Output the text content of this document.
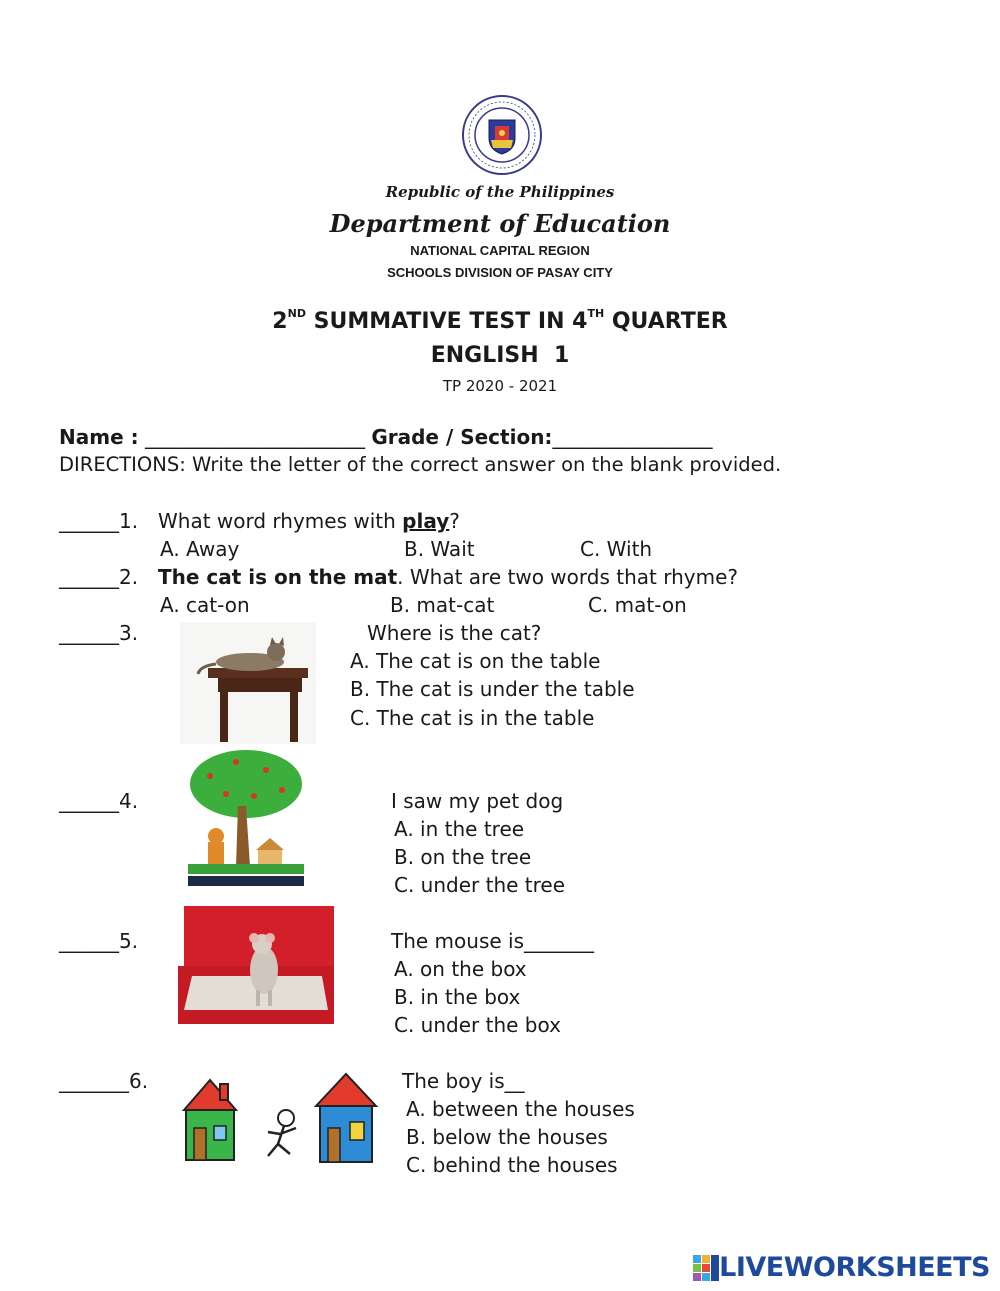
Republic of the Philippines
Department of Education
NATIONAL CAPITAL REGION
SCHOOLS DIVISION OF PASAY CITY
2ND SUMMATIVE TEST IN 4TH QUARTER
ENGLISH  1
TP 2020 - 2021
Name : ______________________ Grade / Section:________________
DIRECTIONS: Write the letter of the correct answer on the blank provided.
______1. What word rhymes with play?
A. Away	B. Wait	C. With
______2. The cat is on the mat. What are two words that rhyme?
A. cat-on	B. mat-cat	C. mat-on
______3.	Where is the cat?
A. The cat is on the table
B. The cat is under the table
C. The cat is in the table
______4.	I saw my pet dog
A. in the tree
B. on the tree
C. under the tree
______5.	The mouse is_______
A. on the box
B. in the box
C. under the box
_______6.	The boy is__
A. between the houses
B. below the houses
C. behind the houses
LIVEWORKSHEETS
